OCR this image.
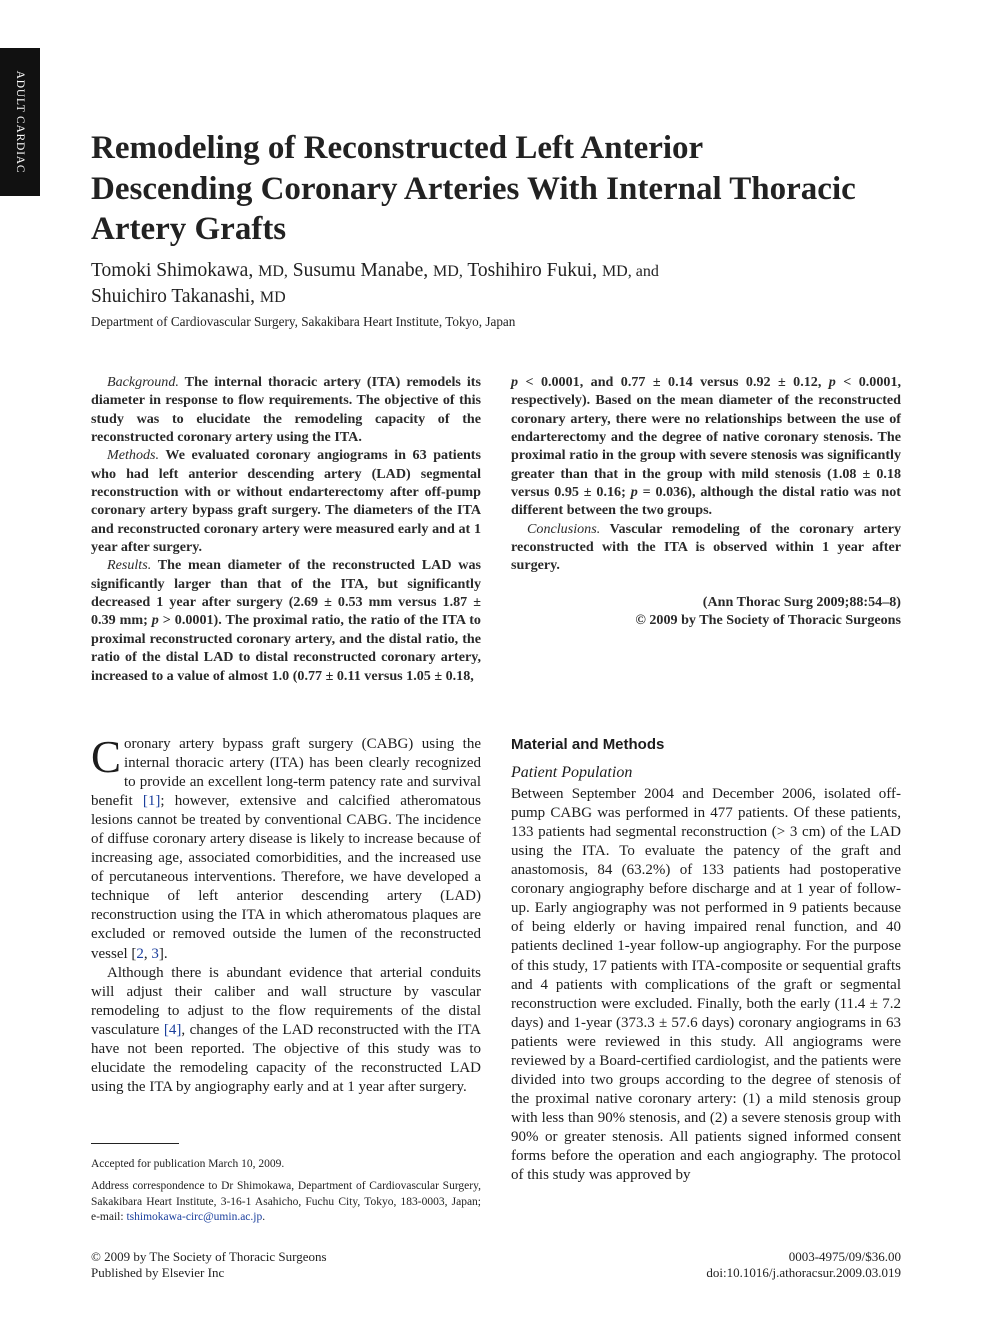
ADULT CARDIAC Remodeling of Reconstructed Left Anterior Descending Coronary Arteries With Internal Thoracic Artery Grafts

Tomoki Shimokawa, MD, Susumu Manabe, MD, Toshihiro Fukui, MD, and
Shuichiro Takanashi, MD

Department of Cardiovascular Surgery, Sakakibara Heart Institute, Tokyo, Japan

Background. The internal thoracic artery (ITA) remodels its diameter in response to flow requirements. The objective of this study was to elucidate the remodeling capacity of the reconstructed coronary artery using the ITA.

Methods. We evaluated coronary angiograms in 63 patients who had left anterior descending artery (LAD) segmental reconstruction with or without endarterectomy after off-pump coronary artery bypass graft surgery. The diameters of the ITA and reconstructed coronary artery were measured early and at 1 year after surgery.

Results. The mean diameter of the reconstructed LAD was significantly larger than that of the ITA, but significantly decreased 1 year after surgery (2.69 ± 0.53 mm versus 1.87 ± 0.39 mm; p > 0.0001). The proximal ratio, the ratio of the ITA to proximal reconstructed coronary artery, and the distal ratio, the ratio of the distal LAD to distal reconstructed coronary artery, increased to a value of almost 1.0 (0.77 ± 0.11 versus 1.05 ± 0.18,

p < 0.0001, and 0.77 ± 0.14 versus 0.92 ± 0.12, p < 0.0001, respectively). Based on the mean diameter of the reconstructed coronary artery, there were no relationships between the use of endarterectomy and the degree of native coronary stenosis. The proximal ratio in the group with severe stenosis was significantly greater than that in the group with mild stenosis (1.08 ± 0.18 versus 0.95 ± 0.16; p = 0.036), although the distal ratio was not different between the two groups.

Conclusions. Vascular remodeling of the coronary artery reconstructed with the ITA is observed within 1 year after surgery.

(Ann Thorac Surg 2009;88:54–8)
© 2009 by The Society of Thoracic Surgeons

Coronary artery bypass graft surgery (CABG) using the internal thoracic artery (ITA) has been clearly recognized to provide an excellent long-term patency rate and survival benefit [1]; however, extensive and calcified atheromatous lesions cannot be treated by conventional CABG. The incidence of diffuse coronary artery disease is likely to increase because of increasing age, associated comorbidities, and the increased use of percutaneous interventions. Therefore, we have developed a technique of left anterior descending artery (LAD) reconstruction using the ITA in which atheromatous plaques are excluded or removed outside the lumen of the reconstructed vessel [2, 3].

Although there is abundant evidence that arterial conduits will adjust their caliber and wall structure by vascular remodeling to adjust to the flow requirements of the distal vasculature [4], changes of the LAD reconstructed with the ITA have not been reported. The objective of this study was to elucidate the remodeling capacity of the reconstructed LAD using the ITA by angiography early and at 1 year after surgery.

Material and Methods
Patient Population

Between September 2004 and December 2006, isolated off-pump CABG was performed in 477 patients. Of these patients, 133 patients had segmental reconstruction (> 3 cm) of the LAD using the ITA. To evaluate the patency of the graft and anastomosis, 84 (63.2%) of 133 patients had postoperative coronary angiography before discharge and at 1 year of follow-up. Early angiography was not performed in 9 patients because of being elderly or having impaired renal function, and 40 patients declined 1-year follow-up angiography. For the purpose of this study, 17 patients with ITA-composite or sequential grafts and 4 patients with complications of the graft or segmental reconstruction were excluded. Finally, both the early (11.4 ± 7.2 days) and 1-year (373.3 ± 57.6 days) coronary angiograms in 63 patients were reviewed in this study. All angiograms were reviewed by a Board-certified cardiologist, and the patients were divided into two groups according to the degree of stenosis of the proximal native coronary artery: (1) a mild stenosis group with less than 90% stenosis, and (2) a severe stenosis group with 90% or greater stenosis. All patients signed informed consent forms before the operation and each angiography. The protocol of this study was approved by

Accepted for publication March 10, 2009.
Address correspondence to Dr Shimokawa, Department of Cardiovascular Surgery, Sakakibara Heart Institute, 3-16-1 Asahicho, Fuchu City, Tokyo, 183-0003, Japan; e-mail: tshimokawa-circ@umin.ac.jp.
© 2009 by The Society of Thoracic Surgeons
Published by Elsevier Inc
0003-4975/09/$36.00
doi:10.1016/j.athoracsur.2009.03.019
